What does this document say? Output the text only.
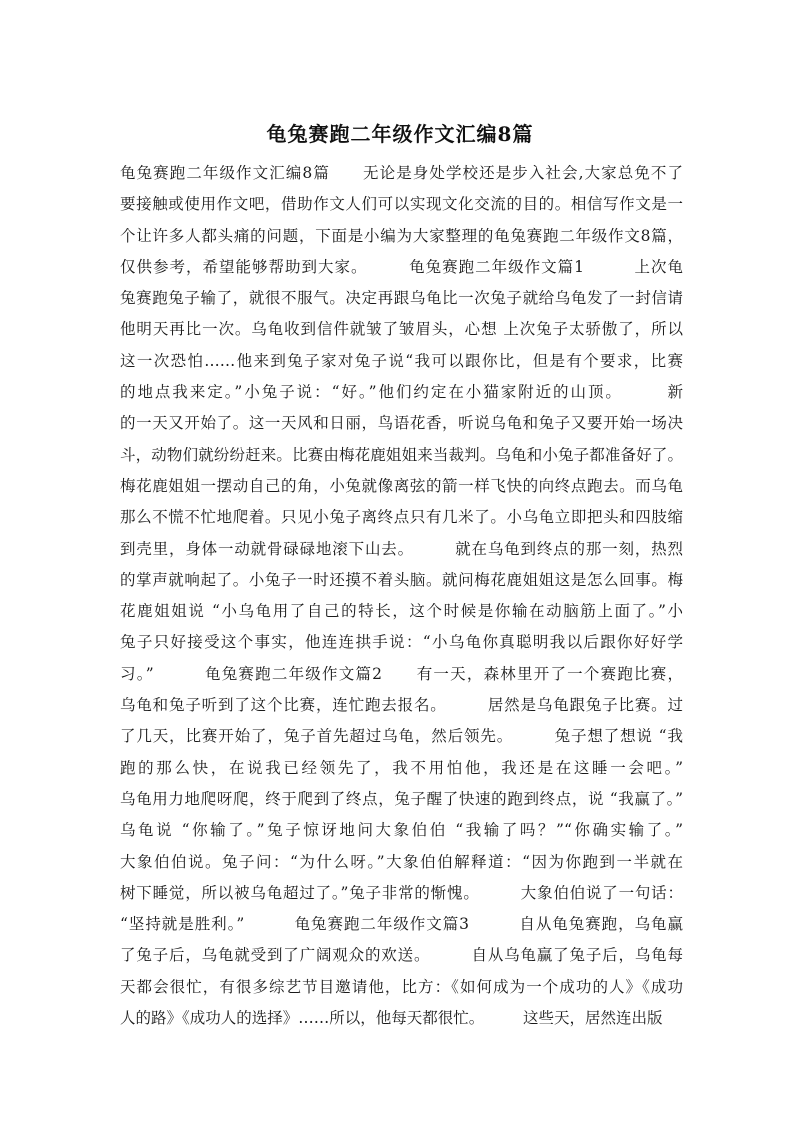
龟兔赛跑二年级作文汇编8篇
龟兔赛跑二年级作文汇编8篇　　无论是身处学校还是步入社会,大家总免不了
要接触或使用作文吧，借助作文人们可以实现文化交流的目的。相信写作文是一
个让许多人都头痛的问题，下面是小编为大家整理的龟兔赛跑二年级作文8篇，
仅供参考，希望能够帮助到大家。　　　龟兔赛跑二年级作文篇1　　　上次龟
兔赛跑兔子输了，就很不服气。决定再跟乌龟比一次兔子就给乌龟发了一封信请
他明天再比一次。乌龟收到信件就皱了皱眉头，心想 上次兔子太骄傲了，所以
这一次恐怕……他来到兔子家对兔子说“我可以跟你比，但是有个要求，比赛
的地点我来定。”小兔子说：“好。”他们约定在小猫家附近的山顶。　　　新
的一天又开始了。这一天风和日丽，鸟语花香，听说乌龟和兔子又要开始一场决
斗，动物们就纷纷赶来。比赛由梅花鹿姐姐来当裁判。乌龟和小兔子都准备好了。
梅花鹿姐姐一摆动自己的角，小兔就像离弦的箭一样飞快的向终点跑去。而乌龟
那么不慌不忙地爬着。只见小兔子离终点只有几米了。小乌龟立即把头和四肢缩
到壳里，身体一动就骨碌碌地滚下山去。　　　就在乌龟到终点的那一刻，热烈
的掌声就响起了。小兔子一时还摸不着头脑。就问梅花鹿姐姐这是怎么回事。梅
花鹿姐姐说 “小乌龟用了自己的特长，这个时候是你输在动脑筋上面了。”小
兔子只好接受这个事实，他连连拱手说：“小乌龟你真聪明我以后跟你好好学
习。”　　　龟兔赛跑二年级作文篇2　　有一天，森林里开了一个赛跑比赛，
乌龟和兔子听到了这个比赛，连忙跑去报名。　　　居然是乌龟跟兔子比赛。过
了几天，比赛开始了，兔子首先超过乌龟，然后领先。　　　兔子想了想说 “我
跑的那么快，在说我已经领先了，我不用怕他，我还是在这睡一会吧。”
乌龟用力地爬呀爬，终于爬到了终点，兔子醒了快速的跑到终点，说 “我赢了。”
乌龟说 “你输了。”兔子惊讶地问大象伯伯 “我输了吗？”“你确实输了。”
大象伯伯说。兔子问：“为什么呀。”大象伯伯解释道：“因为你跑到一半就在
树下睡觉，所以被乌龟超过了。”兔子非常的惭愧。　　　大象伯伯说了一句话：
“坚持就是胜利。”　　　龟兔赛跑二年级作文篇3　　　自从龟兔赛跑，乌龟赢
了兔子后，乌龟就受到了广阔观众的欢送。　　　自从乌龟赢了兔子后，乌龟每
天都会很忙，有很多综艺节目邀请他，比方：《如何成为一个成功的人》《成功
人的路》《成功人的选择》……所以，他每天都很忙。　　　这些天，居然连出版
